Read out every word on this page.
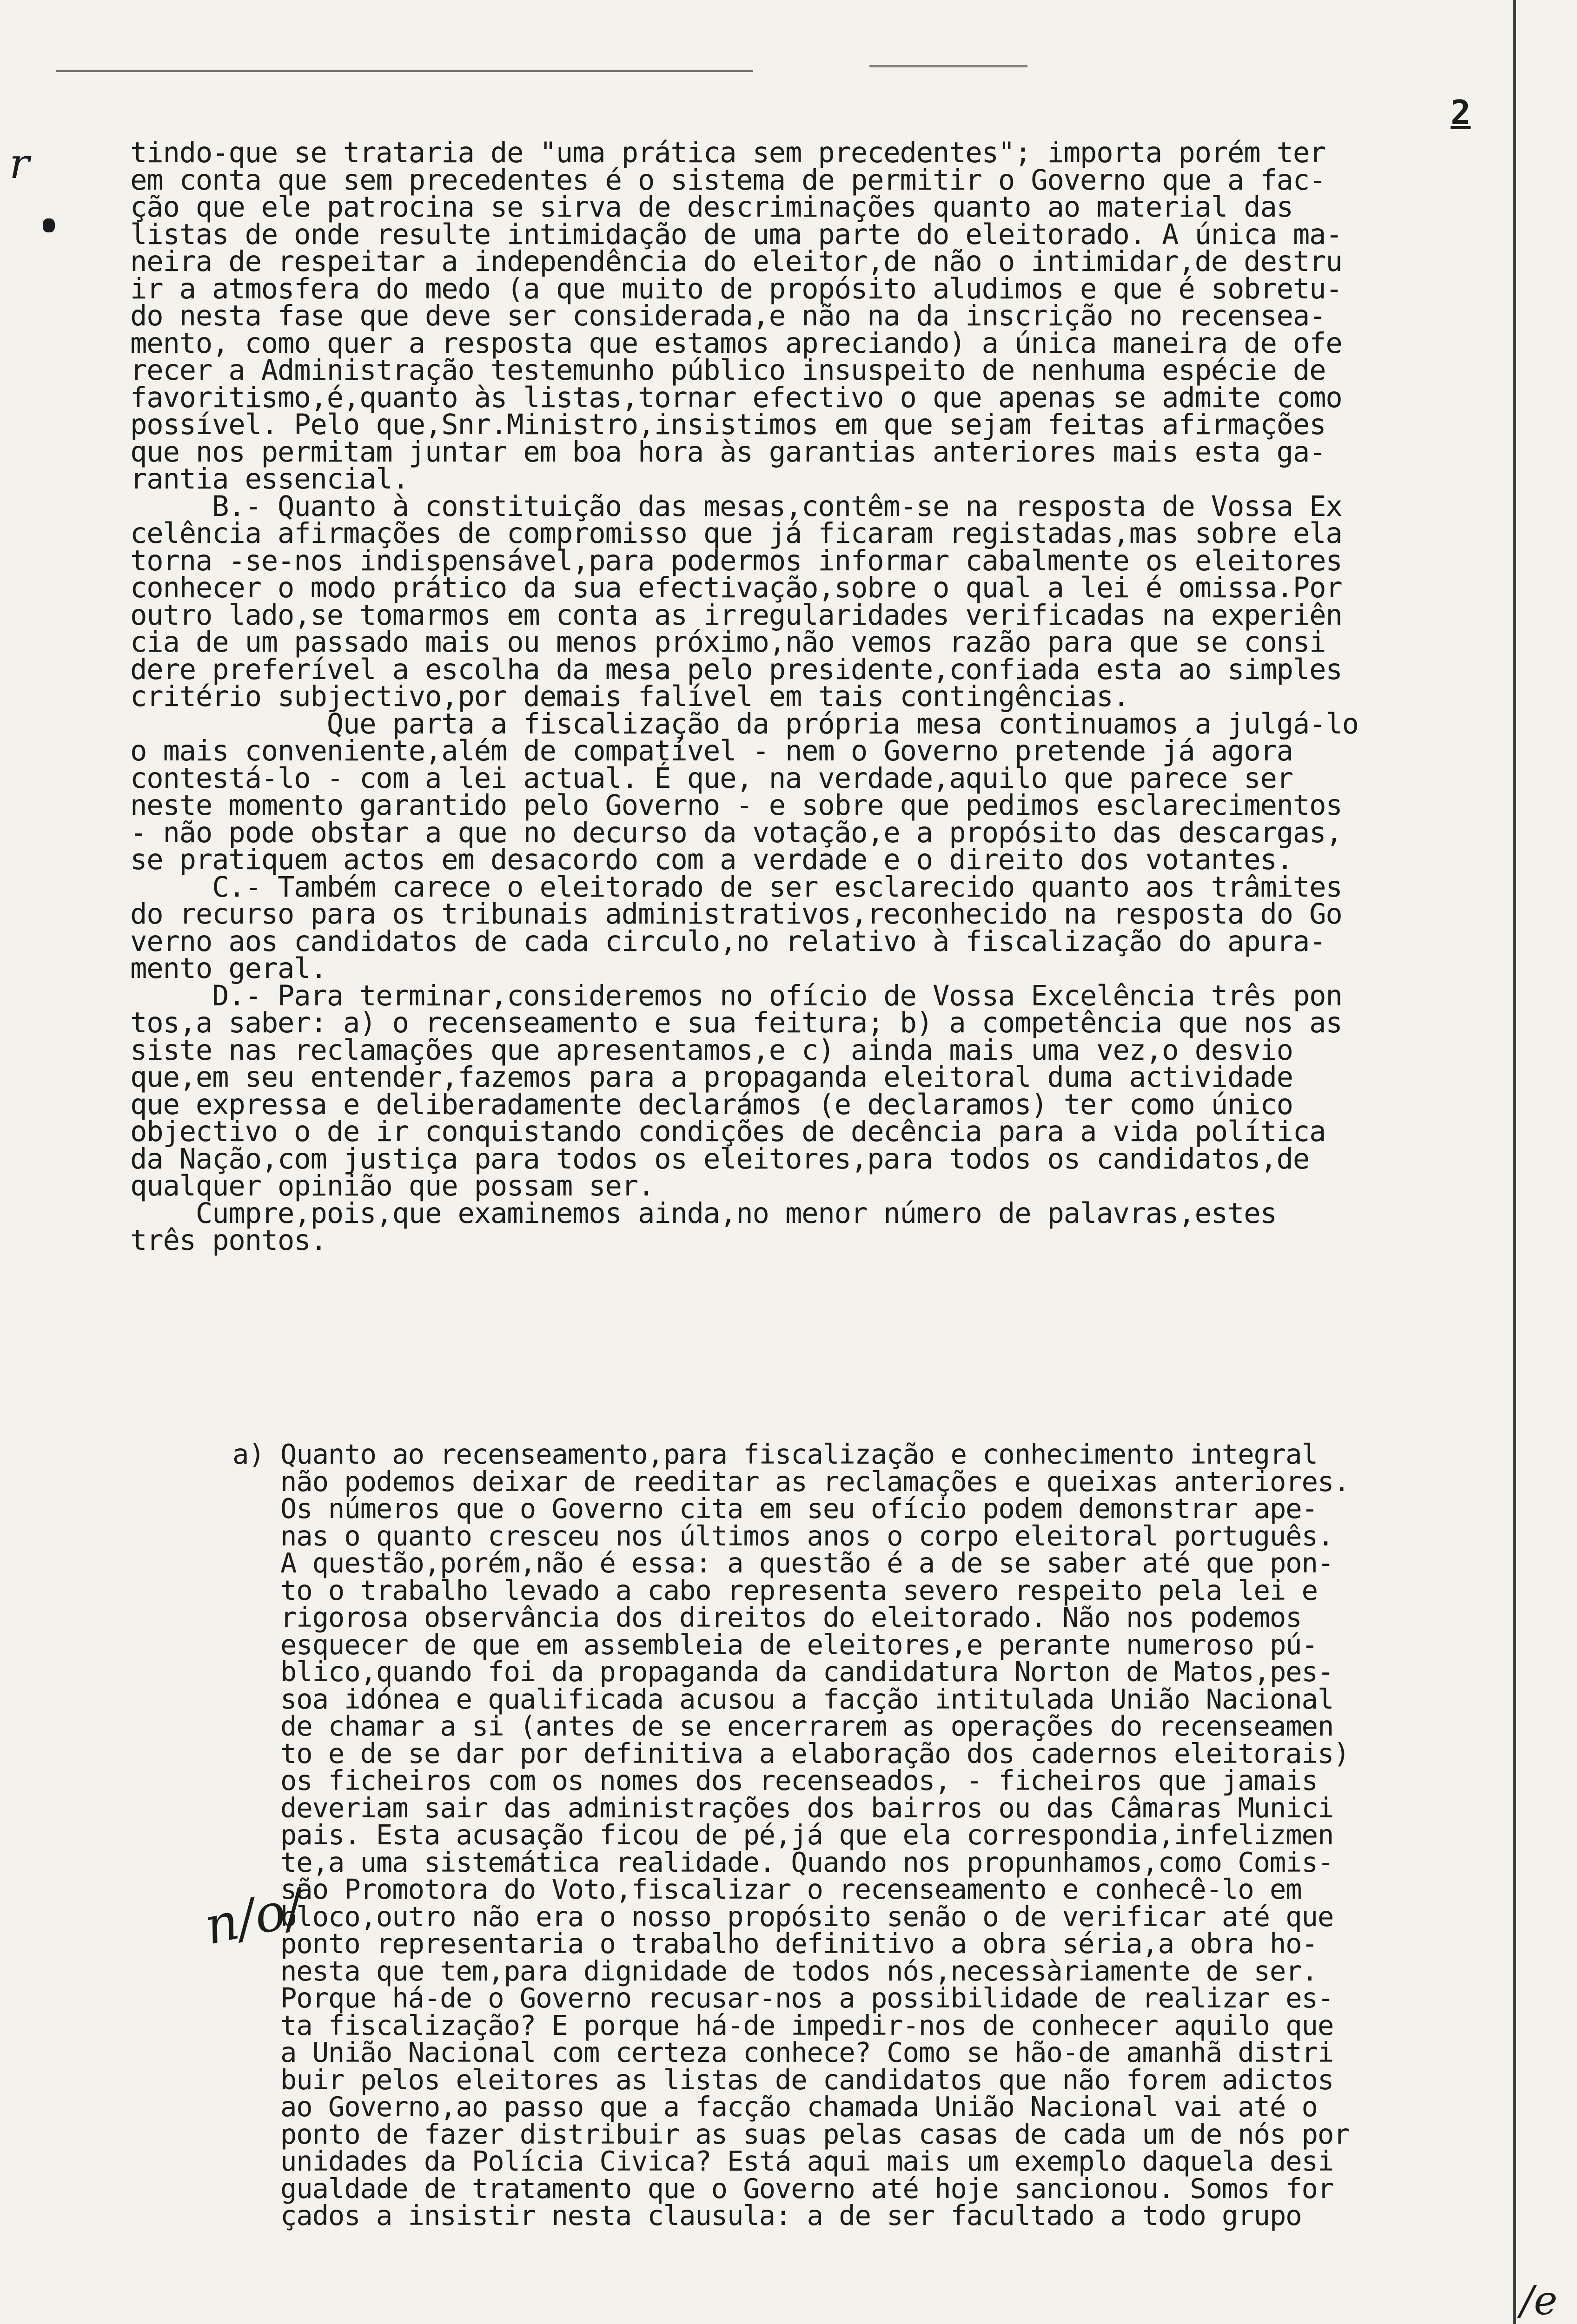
r
2
tindo-que se trataria de "uma prática sem precedentes"; importa porém ter
em conta que sem precedentes é o sistema de permitir o Governo que a fac-
ção que ele patrocina se sirva de descriminações quanto ao material das
listas de onde resulte intimidação de uma parte do eleitorado. A única ma-
neira de respeitar a independência do eleitor,de não o intimidar,de destru
ir a atmosfera do medo (a que muito de propósito aludimos e que é sobretu-
do nesta fase que deve ser considerada,e não na da inscrição no recensea-
mento, como quer a resposta que estamos apreciando) a única maneira de ofe
recer a Administração testemunho público insuspeito de nenhuma espécie de
favoritismo,é,quanto às listas,tornar efectivo o que apenas se admite como
possível. Pelo que,Snr.Ministro,insistimos em que sejam feitas afirmações
que nos permitam juntar em boa hora às garantias anteriores mais esta ga-
rantia essencial.
B.- Quanto à constituição das mesas,contêm-se na resposta de Vossa Ex
celência afirmações de compromisso que já ficaram registadas,mas sobre ela
torna -se-nos indispensável,para podermos informar cabalmente os eleitores
conhecer o modo prático da sua efectivação,sobre o qual a lei é omissa.Por
outro lado,se tomarmos em conta as irregularidades verificadas na experiên
cia de um passado mais ou menos próximo,não vemos razão para que se consi
dere preferível a escolha da mesa pelo presidente,confiada esta ao simples
critério subjectivo,por demais falível em tais contingências.
Que parta a fiscalização da própria mesa continuamos a julgá-lo
o mais conveniente,além de compatível - nem o Governo pretende já agora
contestá-lo - com a lei actual. É que, na verdade,aquilo que parece ser
neste momento garantido pelo Governo - e sobre que pedimos esclarecimentos
- não pode obstar a que no decurso da votação,e a propósito das descargas,
se pratiquem actos em desacordo com a verdade e o direito dos votantes.
C.- Também carece o eleitorado de ser esclarecido quanto aos trâmites
do recurso para os tribunais administrativos,reconhecido na resposta do Go
verno aos candidatos de cada circulo,no relativo à fiscalização do apura-
mento geral.
D.- Para terminar,consideremos no ofício de Vossa Excelência três pon
tos,a saber: a) o recenseamento e sua feitura; b) a competência que nos as
siste nas reclamações que apresentamos,e c) ainda mais uma vez,o desvio
que,em seu entender,fazemos para a propaganda eleitoral duma actividade
que expressa e deliberadamente declarámos (e declaramos) ter como único
objectivo o de ir conquistando condições de decência para a vida política
da Nação,com justiça para todos os eleitores,para todos os candidatos,de
qualquer opinião que possam ser.
Cumpre,pois,que examinemos ainda,no menor número de palavras,estes
três pontos.
a) Quanto ao recenseamento,para fiscalização e conhecimento integral
não podemos deixar de reeditar as reclamações e queixas anteriores.
Os números que o Governo cita em seu ofício podem demonstrar ape-
nas o quanto cresceu nos últimos anos o corpo eleitoral português.
A questão,porém,não é essa: a questão é a de se saber até que pon-
to o trabalho levado a cabo representa severo respeito pela lei e
rigorosa observância dos direitos do eleitorado. Não nos podemos
esquecer de que em assembleia de eleitores,e perante numeroso pú-
blico,quando foi da propaganda da candidatura Norton de Matos,pes-
soa idónea e qualificada acusou a facção intitulada União Nacional
de chamar a si (antes de se encerrarem as operações do recenseamen
to e de se dar por definitiva a elaboração dos cadernos eleitorais)
os ficheiros com os nomes dos recenseados, - ficheiros que jamais
deveriam sair das administrações dos bairros ou das Câmaras Munici
pais. Esta acusação ficou de pé,já que ela correspondia,infelizmen
te,a uma sistemática realidade. Quando nos propunhamos,como Comis-
são Promotora do Voto,fiscalizar o recenseamento e conhecê-lo em
bloco,outro não era o nosso propósito senão o de verificar até que
ponto representaria o trabalho definitivo a obra séria,a obra ho-
nesta que tem,para dignidade de todos nós,necessàriamente de ser.
Porque há-de o Governo recusar-nos a possibilidade de realizar es-
ta fiscalização? E porque há-de impedir-nos de conhecer aquilo que
a União Nacional com certeza conhece? Como se hão-de amanhã distri
buir pelos eleitores as listas de candidatos que não forem adictos
ao Governo,ao passo que a facção chamada União Nacional vai até o
ponto de fazer distribuir as suas pelas casas de cada um de nós por
unidades da Polícia Civica? Está aqui mais um exemplo daquela desi
gualdade de tratamento que o Governo até hoje sancionou. Somos for
çados a insistir nesta clausula: a de ser facultado a todo grupo
n/o/
/e
